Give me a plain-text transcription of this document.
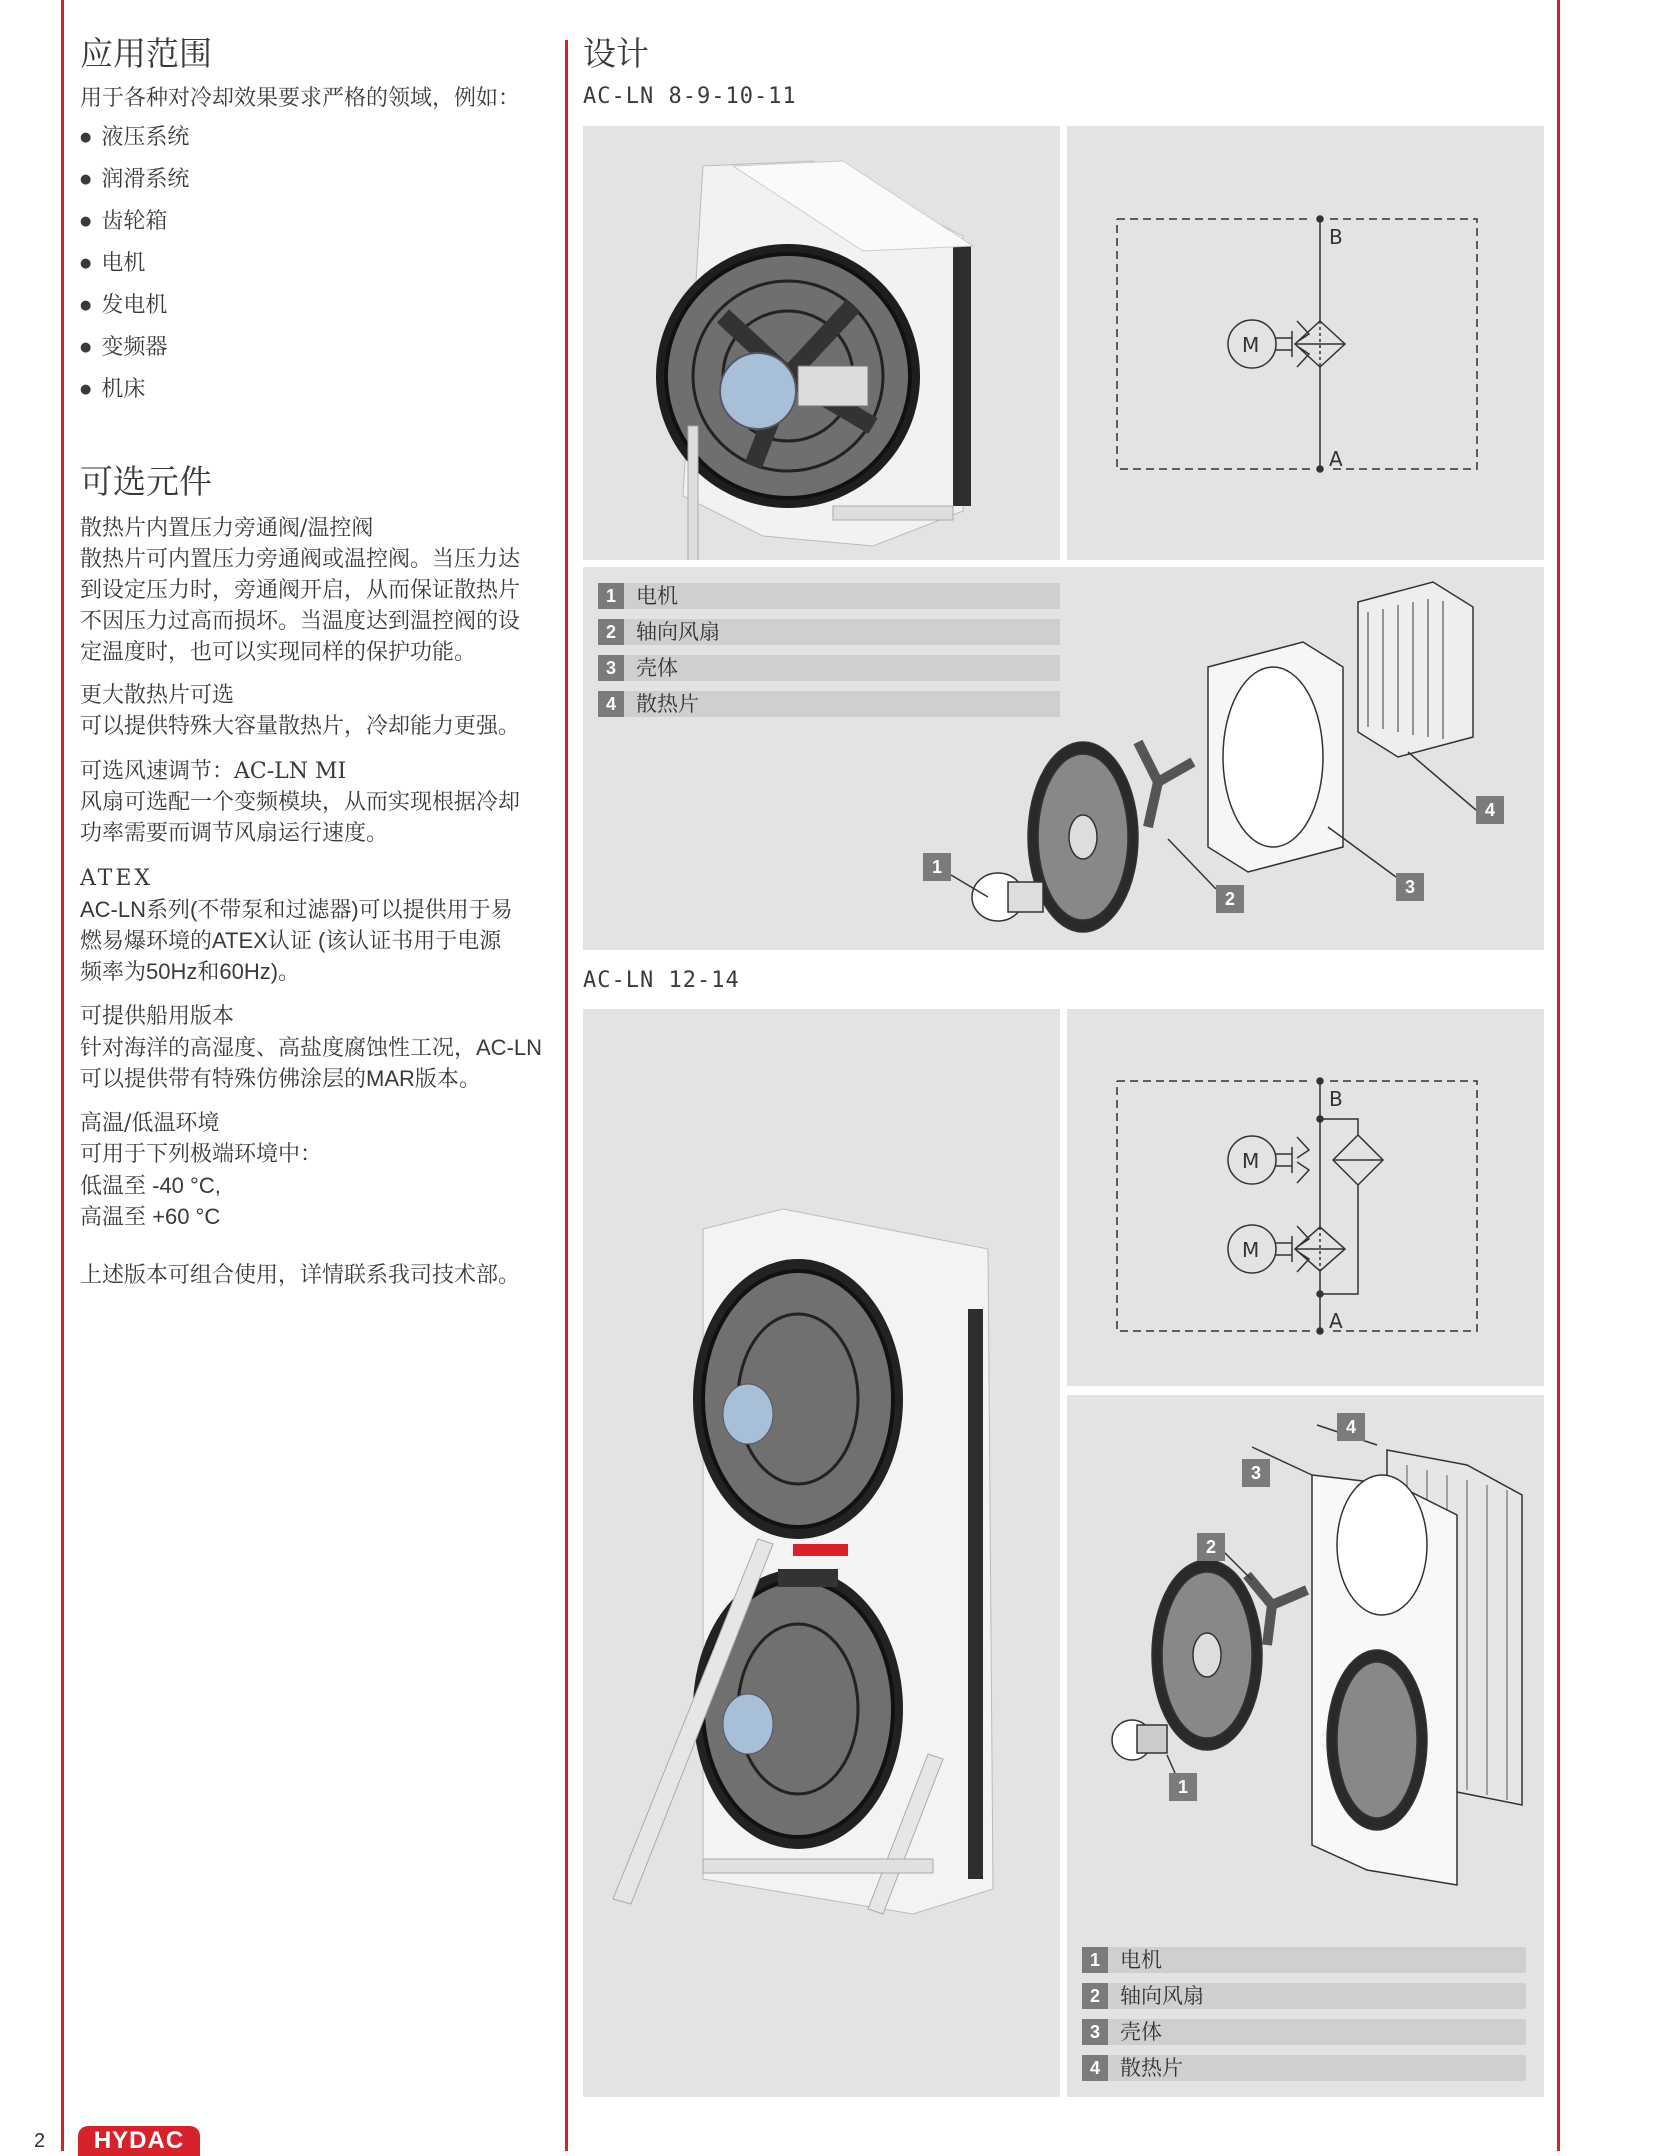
应用范围

用于各种对冷却效果要求严格的领域，例如：

● 液压系统
● 润滑系统
● 齿轮箱
● 电机
● 发电机
● 变频器
● 机床
可选元件

散热片内置压力旁通阀/温控阀

散热片可内置压力旁通阀或温控阀。当压力达

到设定压力时，旁通阀开启，从而保证散热片

不因压力过高而损坏。当温度达到温控阀的设

定温度时，也可以实现同样的保护功能。

更大散热片可选

可以提供特殊大容量散热片，冷却能力更强。

可选风速调节：AC-LN MI

风扇可选配一个变频模块，从而实现根据冷却

功率需要而调节风扇运行速度。

ATEX

AC-LN系列(不带泵和过滤器)可以提供用于易

燃易爆环境的ATEX认证 (该认证书用于电源

频率为50Hz和60Hz)。

可提供船用版本

针对海洋的高湿度、高盐度腐蚀性工况，AC-LN

可以提供带有特殊仿佛涂层的MAR版本。

高温/低温环境

可用于下列极端环境中：

低温至 -40 °C,

高温至 +60 °C

上述版本可组合使用，详情联系我司技术部。

设计
AC-LN 8-9-10-11
AC-LN 12-14
M
B
A
1 电机
2 轴向风扇
3 壳体
4 散热片
1
2
3
4
M
M
B
A
4
3
2
1
1 电机
2 轴向风扇
3 壳体
4 散热片
2	HYDAC
